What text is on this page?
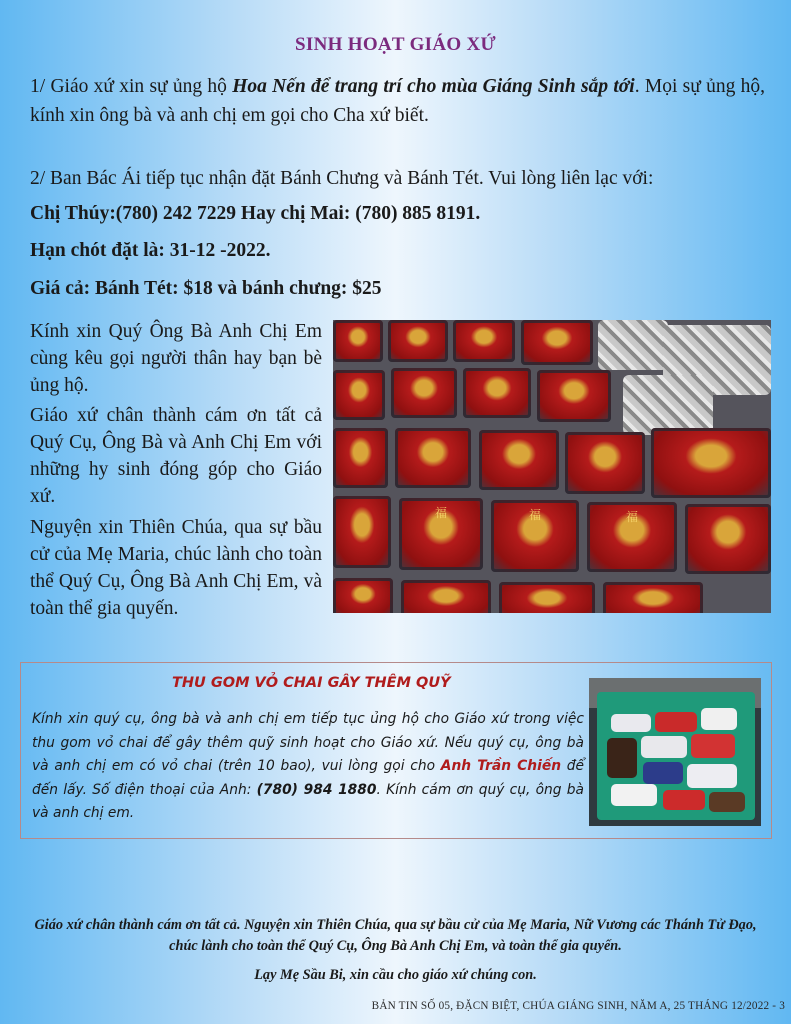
SINH HOẠT GIÁO XỨ
1/ Giáo xứ xin sự ủng hộ Hoa Nến để trang trí cho mùa Giáng Sinh sắp tới. Mọi sự ủng hộ, kính xin ông bà và anh chị em gọi cho Cha xứ biết.
2/ Ban Bác Ái tiếp tục nhận đặt Bánh Chưng và Bánh Tét. Vui lòng liên lạc với:
Chị Thúy:(780) 242 7229 Hay chị Mai: (780) 885 8191.
Hạn chót đặt là: 31-12 -2022.
Giá cả: Bánh Tét: $18 và bánh chưng: $25
Kính xin Quý Ông Bà Anh Chị Em cùng kêu gọi người thân hay bạn bè ủng hộ.
Giáo xứ chân thành cám ơn tất cả Quý Cụ, Ông Bà và Anh Chị Em với những hy sinh đóng góp cho Giáo xứ.
Nguyện xin Thiên Chúa, qua sự bầu cử của Mẹ Maria, chúc lành cho toàn thể Quý Cụ, Ông Bà Anh Chị Em, và toàn thể gia quyến.
福	福	福
THU GOM VỎ CHAI GÂY THÊM QUỸ
Kính xin quý cụ, ông bà và anh chị em tiếp tục ủng hộ cho Giáo xứ trong việc thu gom vỏ chai để gây thêm quỹ sinh hoạt cho Giáo xứ. Nếu quý cụ, ông bà và anh chị em có vỏ chai (trên 10 bao), vui lòng gọi cho Anh Trần Chiến để đến lấy. Số điện thoại của Anh: (780) 984 1880. Kính cám ơn quý cụ, ông bà và anh chị em.
Giáo xứ chân thành cám ơn tất cả. Nguyện xin Thiên Chúa, qua sự bầu cử của Mẹ Maria, Nữ Vương các Thánh Tử Đạo, chúc lành cho toàn thể Quý Cụ, Ông Bà Anh Chị Em, và toàn thể gia quyến.
Lạy Mẹ Sầu Bi, xin cầu cho giáo xứ chúng con.
BẢN TIN SỐ 05, ĐẶCN BIỆT, CHÚA GIÁNG SINH, NĂM A, 25 THÁNG 12/2022 - 3
